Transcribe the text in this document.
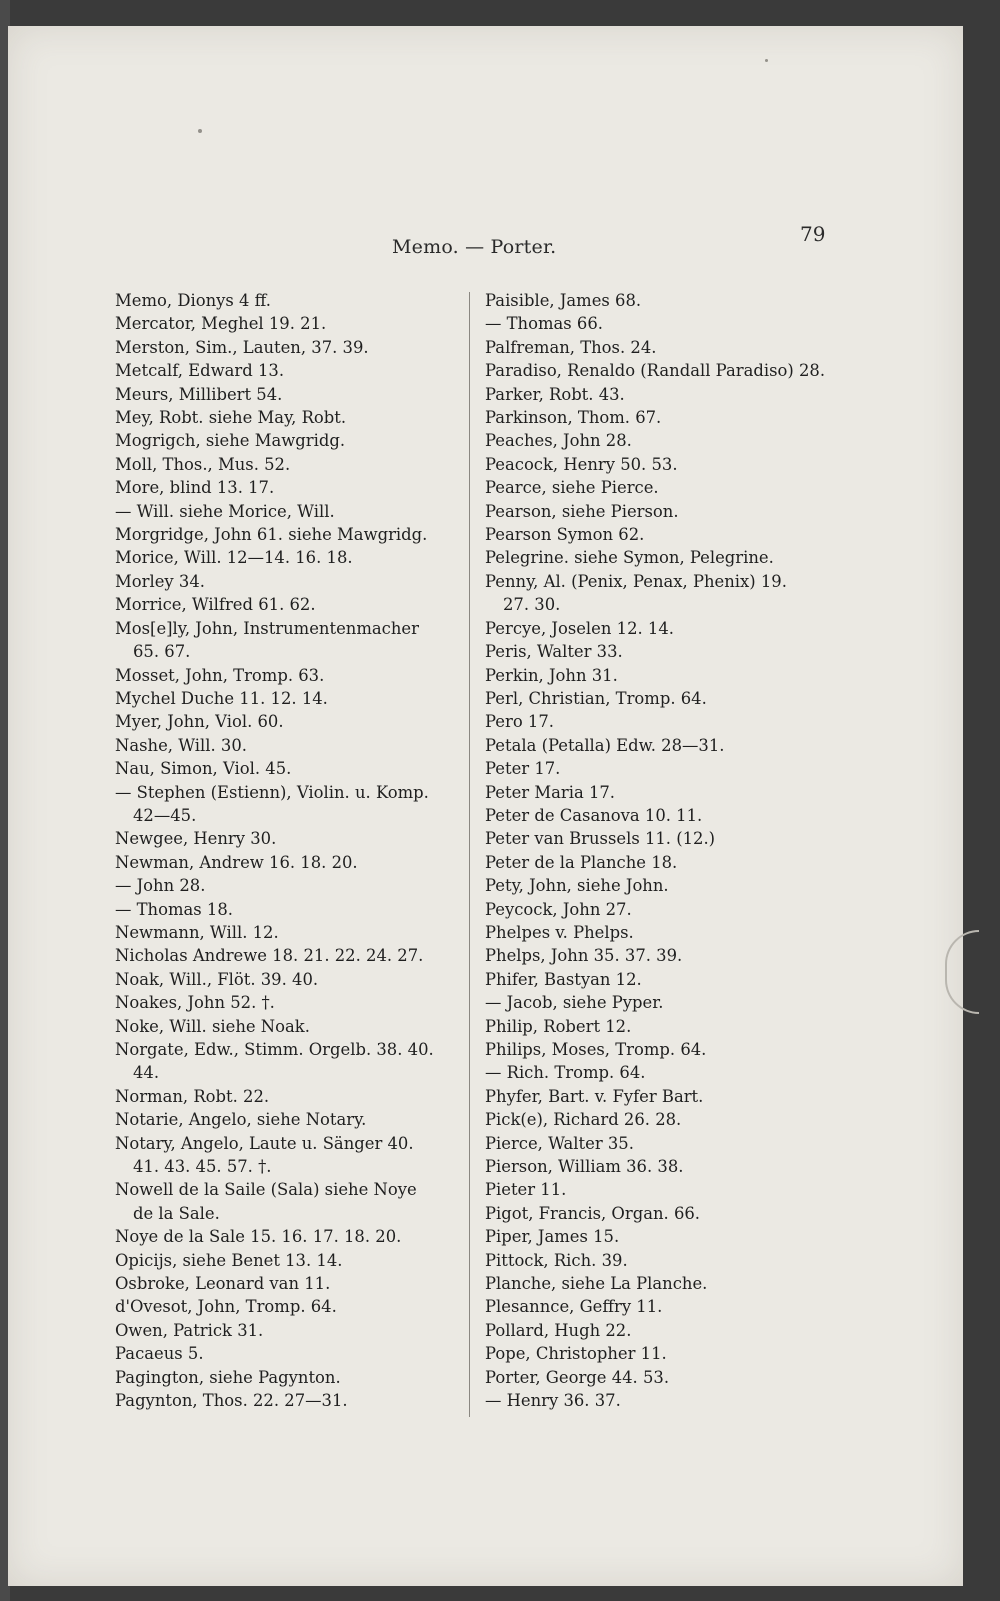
Memo. — Porter.
79
Memo, Dionys 4 ff.
Mercator, Meghel 19. 21.
Merston, Sim., Lauten, 37. 39.
Metcalf, Edward 13.
Meurs, Millibert 54.
Mey, Robt. siehe May, Robt.
Mogrigch, siehe Mawgridg.
Moll, Thos., Mus. 52.
More, blind 13. 17.
— Will. siehe Morice, Will.
Morgridge, John 61. siehe Mawgridg.
Morice, Will. 12—14. 16. 18.
Morley 34.
Morrice, Wilfred 61. 62.
Mos[e]ly, John, Instrumentenmacher
65. 67.
Mosset, John, Tromp. 63.
Mychel Duche 11. 12. 14.
Myer, John, Viol. 60.
Nashe, Will. 30.
Nau, Simon, Viol. 45.
— Stephen (Estienn), Violin. u. Komp.
42—45.
Newgee, Henry 30.
Newman, Andrew 16. 18. 20.
— John 28.
— Thomas 18.
Newmann, Will. 12.
Nicholas Andrewe 18. 21. 22. 24. 27.
Noak, Will., Flöt. 39. 40.
Noakes, John 52. †.
Noke, Will. siehe Noak.
Norgate, Edw., Stimm. Orgelb. 38. 40.
44.
Norman, Robt. 22.
Notarie, Angelo, siehe Notary.
Notary, Angelo, Laute u. Sänger 40.
41. 43. 45. 57. †.
Nowell de la Saile (Sala) siehe Noye
de la Sale.
Noye de la Sale 15. 16. 17. 18. 20.
Opicijs, siehe Benet 13. 14.
Osbroke, Leonard van 11.
d'Ovesot, John, Tromp. 64.
Owen, Patrick 31.
Pacaeus 5.
Pagington, siehe Pagynton.
Pagynton, Thos. 22. 27—31.
Paisible, James 68.
— Thomas 66.
Palfreman, Thos. 24.
Paradiso, Renaldo (Randall Paradiso) 28.
Parker, Robt. 43.
Parkinson, Thom. 67.
Peaches, John 28.
Peacock, Henry 50. 53.
Pearce, siehe Pierce.
Pearson, siehe Pierson.
Pearson Symon 62.
Pelegrine. siehe Symon, Pelegrine.
Penny, Al. (Penix, Penax, Phenix) 19.
27. 30.
Percye, Joselen 12. 14.
Peris, Walter 33.
Perkin, John 31.
Perl, Christian, Tromp. 64.
Pero 17.
Petala (Petalla) Edw. 28—31.
Peter 17.
Peter Maria 17.
Peter de Casanova 10. 11.
Peter van Brussels 11. (12.)
Peter de la Planche 18.
Pety, John, siehe John.
Peycock, John 27.
Phelpes v. Phelps.
Phelps, John 35. 37. 39.
Phifer, Bastyan 12.
— Jacob, siehe Pyper.
Philip, Robert 12.
Philips, Moses, Tromp. 64.
— Rich. Tromp. 64.
Phyfer, Bart. v. Fyfer Bart.
Pick(e), Richard 26. 28.
Pierce, Walter 35.
Pierson, William 36. 38.
Pieter 11.
Pigot, Francis, Organ. 66.
Piper, James 15.
Pittock, Rich. 39.
Planche, siehe La Planche.
Plesannce, Geffry 11.
Pollard, Hugh 22.
Pope, Christopher 11.
Porter, George 44. 53.
— Henry 36. 37.
